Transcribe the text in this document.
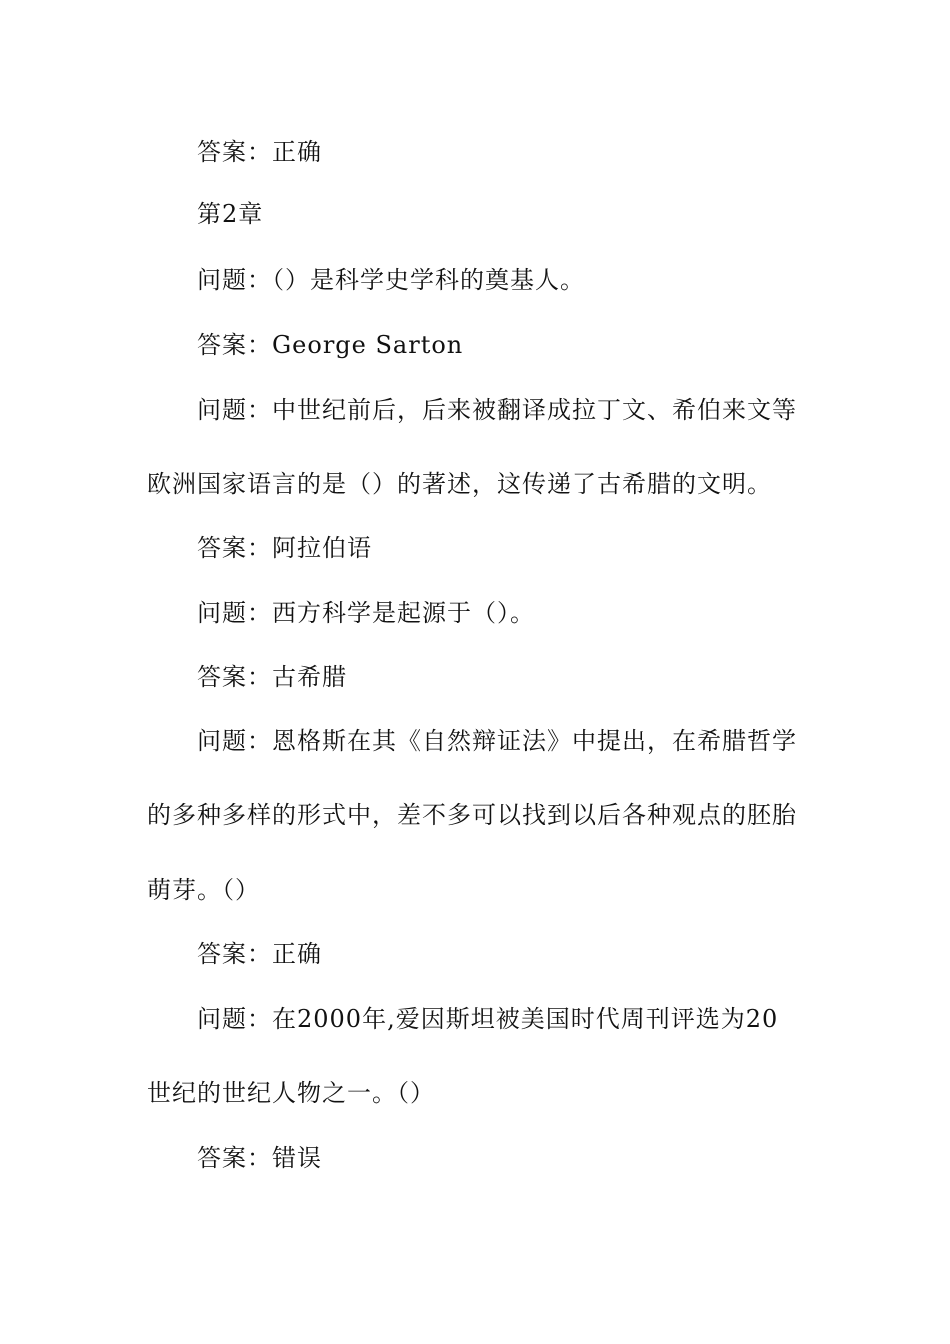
答案：正确
第2章
问题：（）是科学史学科的奠基人。
答案：George Sarton
问题：中世纪前后，后来被翻译成拉丁文、希伯来文等
欧洲国家语言的是（）的著述，这传递了古希腊的文明。
答案：阿拉伯语
问题：西方科学是起源于（）。
答案：古希腊
问题：恩格斯在其《自然辩证法》中提出，在希腊哲学
的多种多样的形式中，差不多可以找到以后各种观点的胚胎
萌芽。（）
答案：正确
问题：在2000年,爱因斯坦被美国时代周刊评选为20
世纪的世纪人物之一。（）
答案：错误
